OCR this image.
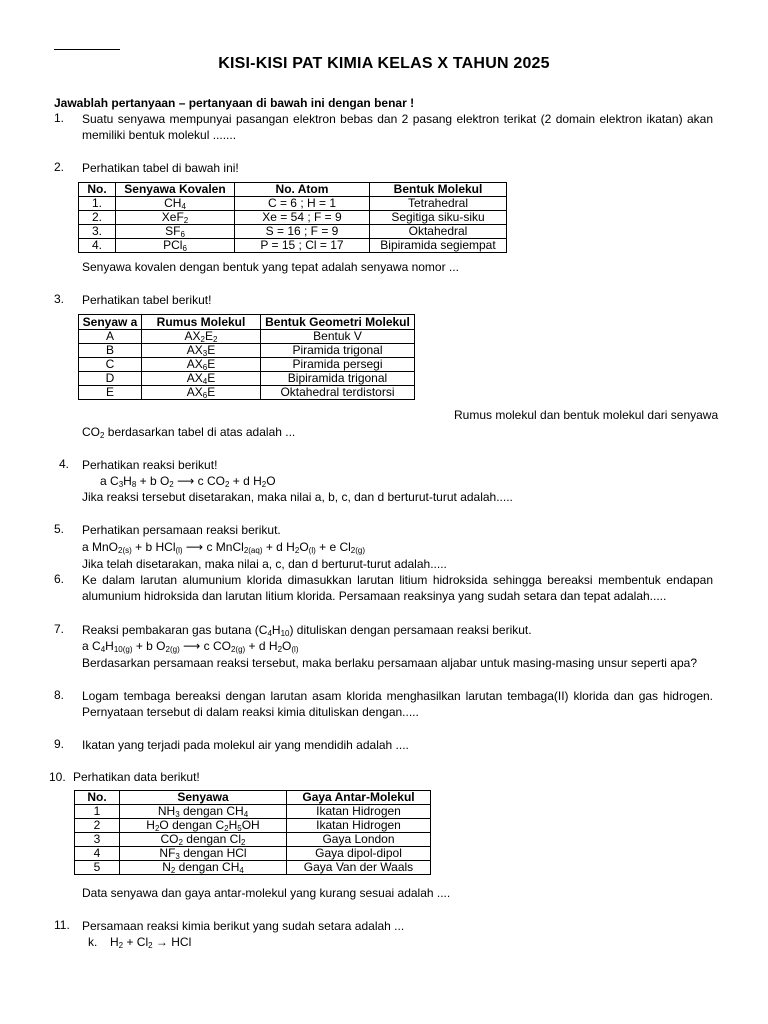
KISI-KISI PAT KIMIA KELAS X TAHUN 2025
Jawablah pertanyaan – pertanyaan di bawah ini dengan benar !
1.	Suatu senyawa mempunyai pasangan elektron bebas dan 2 pasang elektron terikat (2 domain elektron ikatan) akan memiliki bentuk molekul .......
2.	Perhatikan tabel di bawah ini!
No.	Senyawa Kovalen	No. Atom	Bentuk Molekul
1.	$CH_4$	C = 6 ; H = 1	Tetrahedral
2.	XeF$_2$	Xe = 54 ; F = 9	Segitiga siku-siku
3.	$SF_6$	S = 16 ; F = 9	Oktahedral
4.	PCl$_6$	P = 15 ; Cl = 17	Bipiramida segiempat
Senyawa kovalen dengan bentuk yang tepat adalah senyawa nomor ...
3.	Perhatikan tabel berikut!
Senyaw a	Rumus Molekul	Bentuk Geometri Molekul
A	$AX_2E_2$	Bentuk V
B	$AX_3E$	Piramida trigonal
C	$AX_6E$	Piramida persegi
D	$AX_4E$	Bipiramida trigonal
E	$AX_6E$	Oktahedral terdistorsi
Rumus molekul dan bentuk molekul dari senyawa
$CO_2$ berdasarkan tabel di atas adalah ...
4.	Perhatikan reaksi berikut!
a $C_3H_8 + b$ $O_2$ ⟶ c $CO_2 + d$ $H_2O$
Jika reaksi tersebut disetarakan, maka nilai a, b, c, dan d berturut-turut adalah.....
5.	Perhatikan persamaan reaksi berikut.
a MnO$_{2(s)}$ + b HCl$_{(l)}$ ⟶ c MnCl$_{2(aq)}$ + d $H_2O_{(l)} + e$ $Cl_{2(g)}$
Jika telah disetarakan, maka nilai a, c, dan d berturut-turut adalah.....
6.	Ke dalam larutan alumunium klorida dimasukkan larutan litium hidroksida sehingga bereaksi membentuk endapan alumunium hidroksida dan larutan litium klorida. Persamaan reaksinya yang sudah setara dan tepat adalah.....
7.	Reaksi pembakaran gas butana $(C_4H_{10})$ dituliskan dengan persamaan reaksi berikut.
a $C_4H_{10(g)} + b$ $O_{2(g)}$ ⟶ c $CO_{2(g)} + d$ $H_2O_{(l)}$
Berdasarkan persamaan reaksi tersebut, maka berlaku persamaan aljabar untuk masing-masing unsur seperti apa?
8.	Logam tembaga bereaksi dengan larutan asam klorida menghasilkan larutan tembaga(II) klorida dan gas hidrogen. Pernyataan tersebut di dalam reaksi kimia dituliskan dengan.....
9.	Ikatan yang terjadi pada molekul air yang mendidih adalah ....
10. Perhatikan data berikut!
No.	Senyawa	Gaya Antar-Molekul
1	$NH_3$ dengan $CH_4$	Ikatan Hidrogen
2	$H_2O$ dengan $C_2H_5OH$	Ikatan Hidrogen
3	$CO_2$ dengan $Cl_2$	Gaya London
4	$NF_3$ dengan HCl	Gaya dipol-dipol
5	$N_2$ dengan $CH_4$	Gaya Van der Waals
Data senyawa dan gaya antar-molekul yang kurang sesuai adalah ....
11.	Persamaan reaksi kimia berikut yang sudah setara adalah ...
k. $H_2 + Cl_2$ → HCl
